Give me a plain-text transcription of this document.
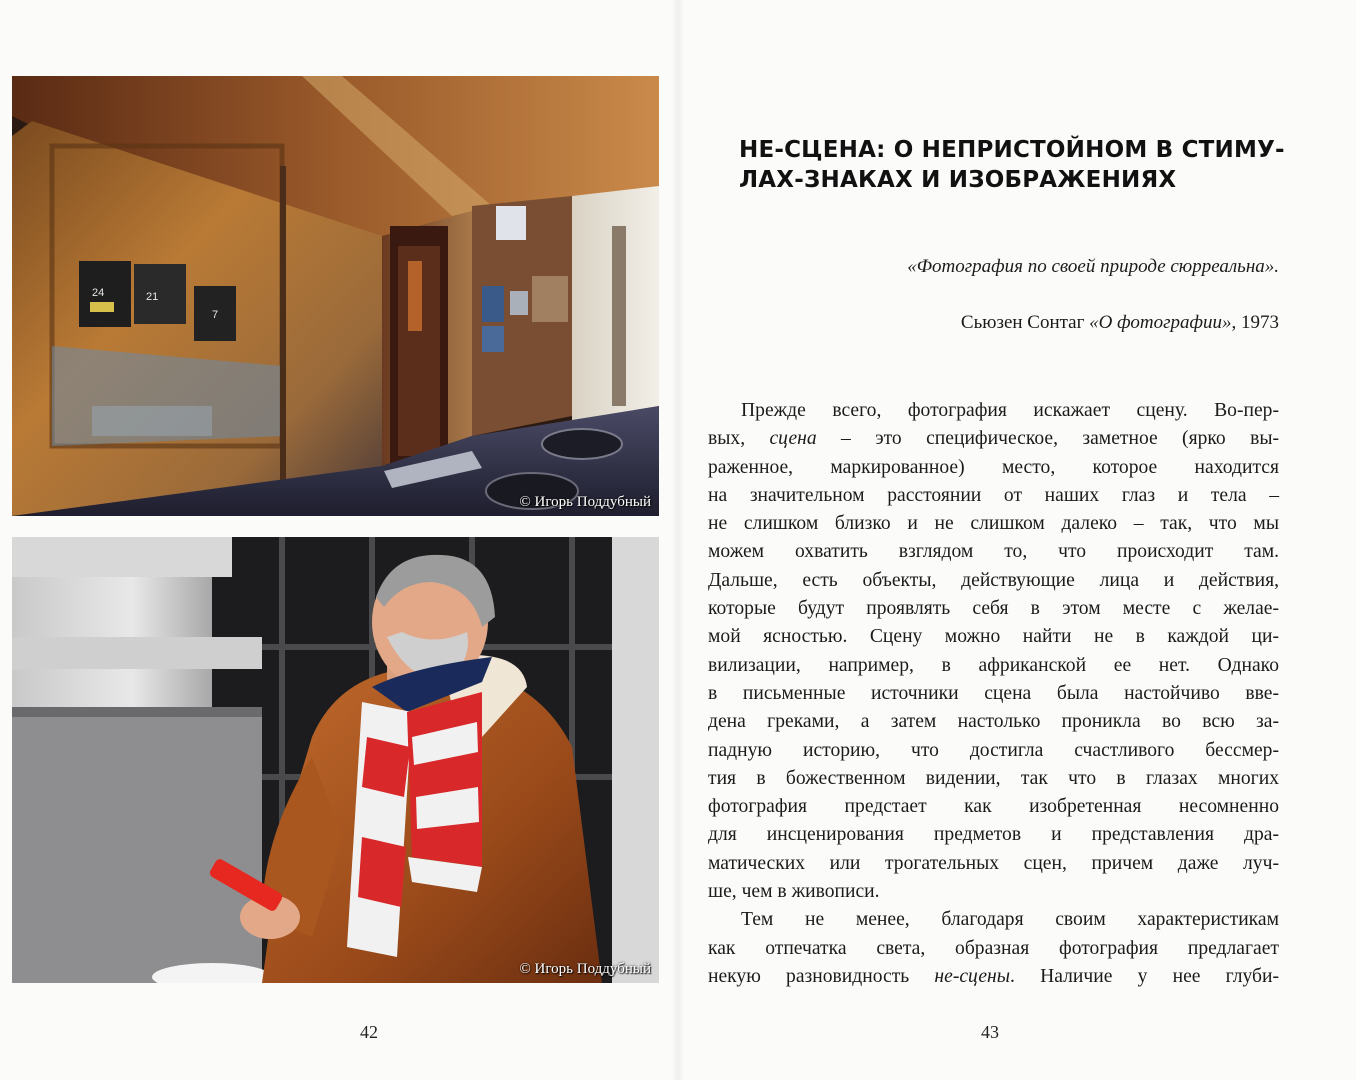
24	21
7
© Игорь Поддубный
© Игорь Поддубный
42
НЕ-СЦЕНА: О НЕПРИСТОЙНОМ В СТИМУ-
ЛАХ-ЗНАКАХ И ИЗОБРАЖЕНИЯХ
«Фотография по своей природе сюрреальна».
Сьюзен Сонтаг «О фотографии», 1973
Прежде всего, фотография искажает сцену. Во-пер-
вых, сцена – это специфическое, заметное (ярко вы-
раженное, маркированное) место, которое находится
на значительном расстоянии от наших глаз и тела –
не слишком близко и не слишком далеко – так, что мы
можем охватить взглядом то, что происходит там.
Дальше, есть объекты, действующие лица и действия,
которые будут проявлять себя в этом месте с желае-
мой ясностью. Сцену можно найти не в каждой ци-
вилизации, например, в африканской ее нет. Однако
в письменные источники сцена была настойчиво вве-
дена греками, а затем настолько проникла во всю за-
падную историю, что достигла счастливого бессмер-
тия в божественном видении, так что в глазах многих
фотография предстает как изобретенная несомненно
для инсценирования предметов и представления дра-
матических или трогательных сцен, причем даже луч-
ше, чем в живописи.
Тем не менее, благодаря своим характеристикам
как отпечатка света, образная фотография предлагает
некую разновидность не-сцены. Наличие у нее глуби-
43
